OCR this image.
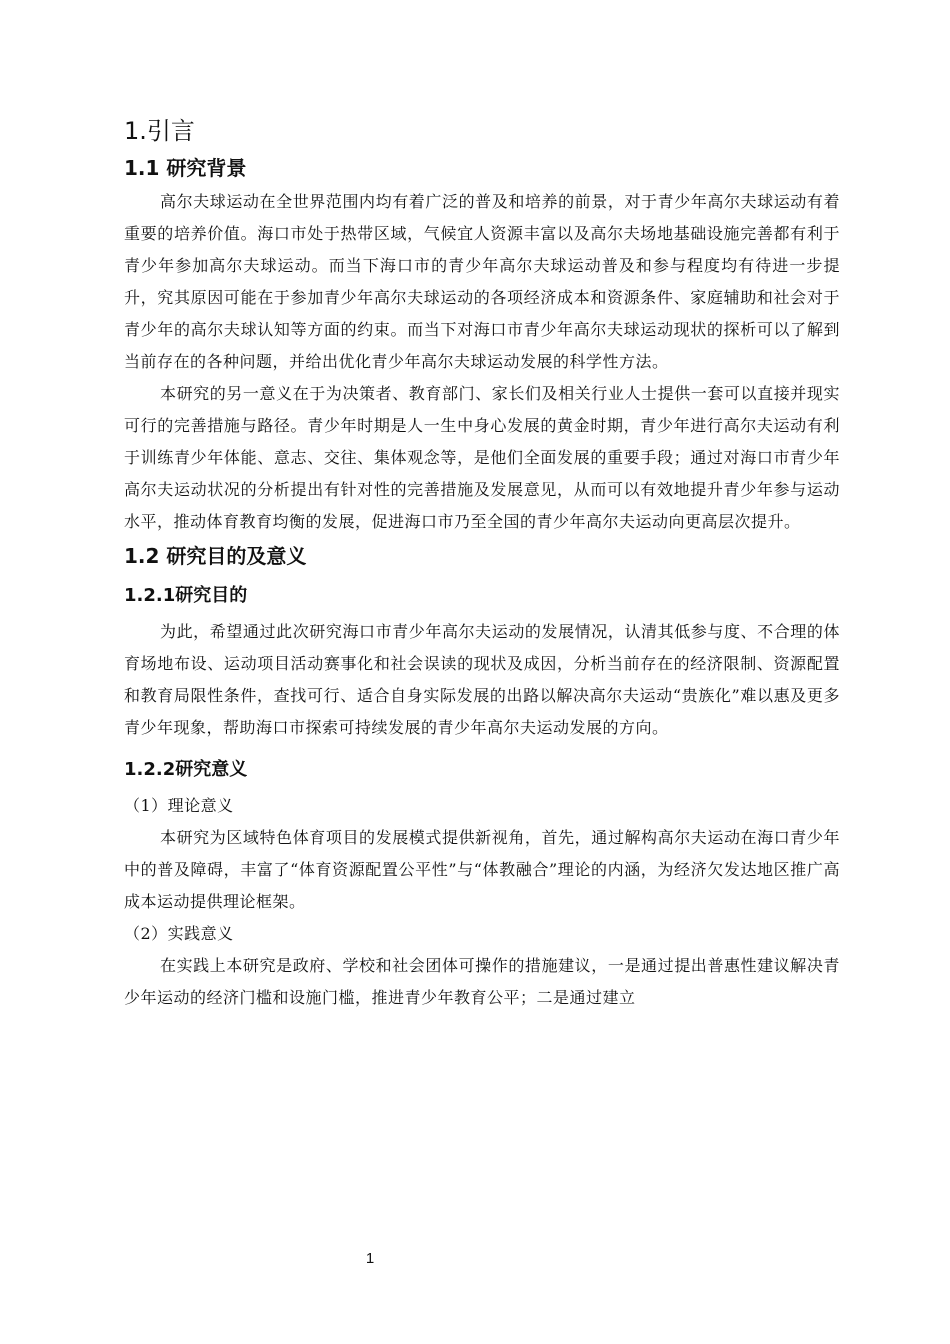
1.引言
1.1 研究背景

高尔夫球运动在全世界范围内均有着广泛的普及和培养的前景，对于青少年高尔夫球运动有着重要的培养价值。海口市处于热带区域，气候宜人资源丰富以及高尔夫场地基础设施完善都有利于青少年参加高尔夫球运动。而当下海口市的青少年高尔夫球运动普及和参与程度均有待进一步提升，究其原因可能在于参加青少年高尔夫球运动的各项经济成本和资源条件、家庭辅助和社会对于青少年的高尔夫球认知等方面的约束。而当下对海口市青少年高尔夫球运动现状的探析可以了解到当前存在的各种问题，并给出优化青少年高尔夫球运动发展的科学性方法。

本研究的另一意义在于为决策者、教育部门、家长们及相关行业人士提供一套可以直接并现实可行的完善措施与路径。青少年时期是人一生中身心发展的黄金时期，青少年进行高尔夫运动有利于训练青少年体能、意志、交往、集体观念等，是他们全面发展的重要手段；通过对海口市青少年高尔夫运动状况的分析提出有针对性的完善措施及发展意见，从而可以有效地提升青少年参与运动水平，推动体育教育均衡的发展，促进海口市乃至全国的青少年高尔夫运动向更高层次提升。

1.2 研究目的及意义
1.2.1研究目的

为此，希望通过此次研究海口市青少年高尔夫运动的发展情况，认清其低参与度、不合理的体育场地布设、运动项目活动赛事化和社会误读的现状及成因，分析当前存在的经济限制、资源配置和教育局限性条件，查找可行、适合自身实际发展的出路以解决高尔夫运动“贵族化”难以惠及更多青少年现象，帮助海口市探索可持续发展的青少年高尔夫运动发展的方向。

1.2.2研究意义

（1）理论意义

本研究为区域特色体育项目的发展模式提供新视角，首先，通过解构高尔夫运动在海口青少年中的普及障碍，丰富了“体育资源配置公平性”与“体教融合”理论的内涵，为经济欠发达地区推广高成本运动提供理论框架。

（2）实践意义

在实践上本研究是政府、学校和社会团体可操作的措施建议，一是通过提出普惠性建议解决青少年运动的经济门槛和设施门槛，推进青少年教育公平；二是通过建立

1
